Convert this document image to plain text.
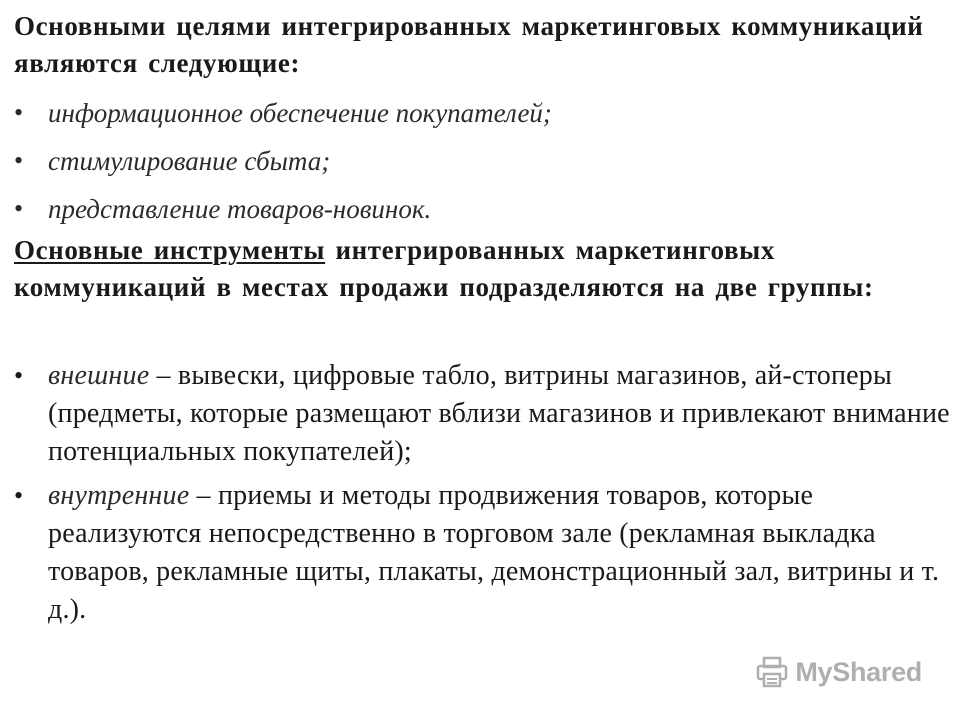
Основными целями интегрированных маркетинговых коммуникаций являются следующие:

• информационное обеспечение покупателей;
• стимулирование сбыта;
• представление товаров-новинок.

Основные инструменты интегрированных маркетинговых коммуникаций в местах продажи подразделяются на две группы:

• внешние – вывески, цифровые табло, витрины магазинов, ай-стоперы (предметы, которые размещают вблизи магазинов и привлекают внимание потенциальных покупателей);
• внутренние – приемы и методы продвижения товаров, которые реализуются непосредственно в торговом зале (рекламная выкладка товаров, рекламные щиты, плакаты, демонстрационный зал, витрины и т. д.).
MyShared
